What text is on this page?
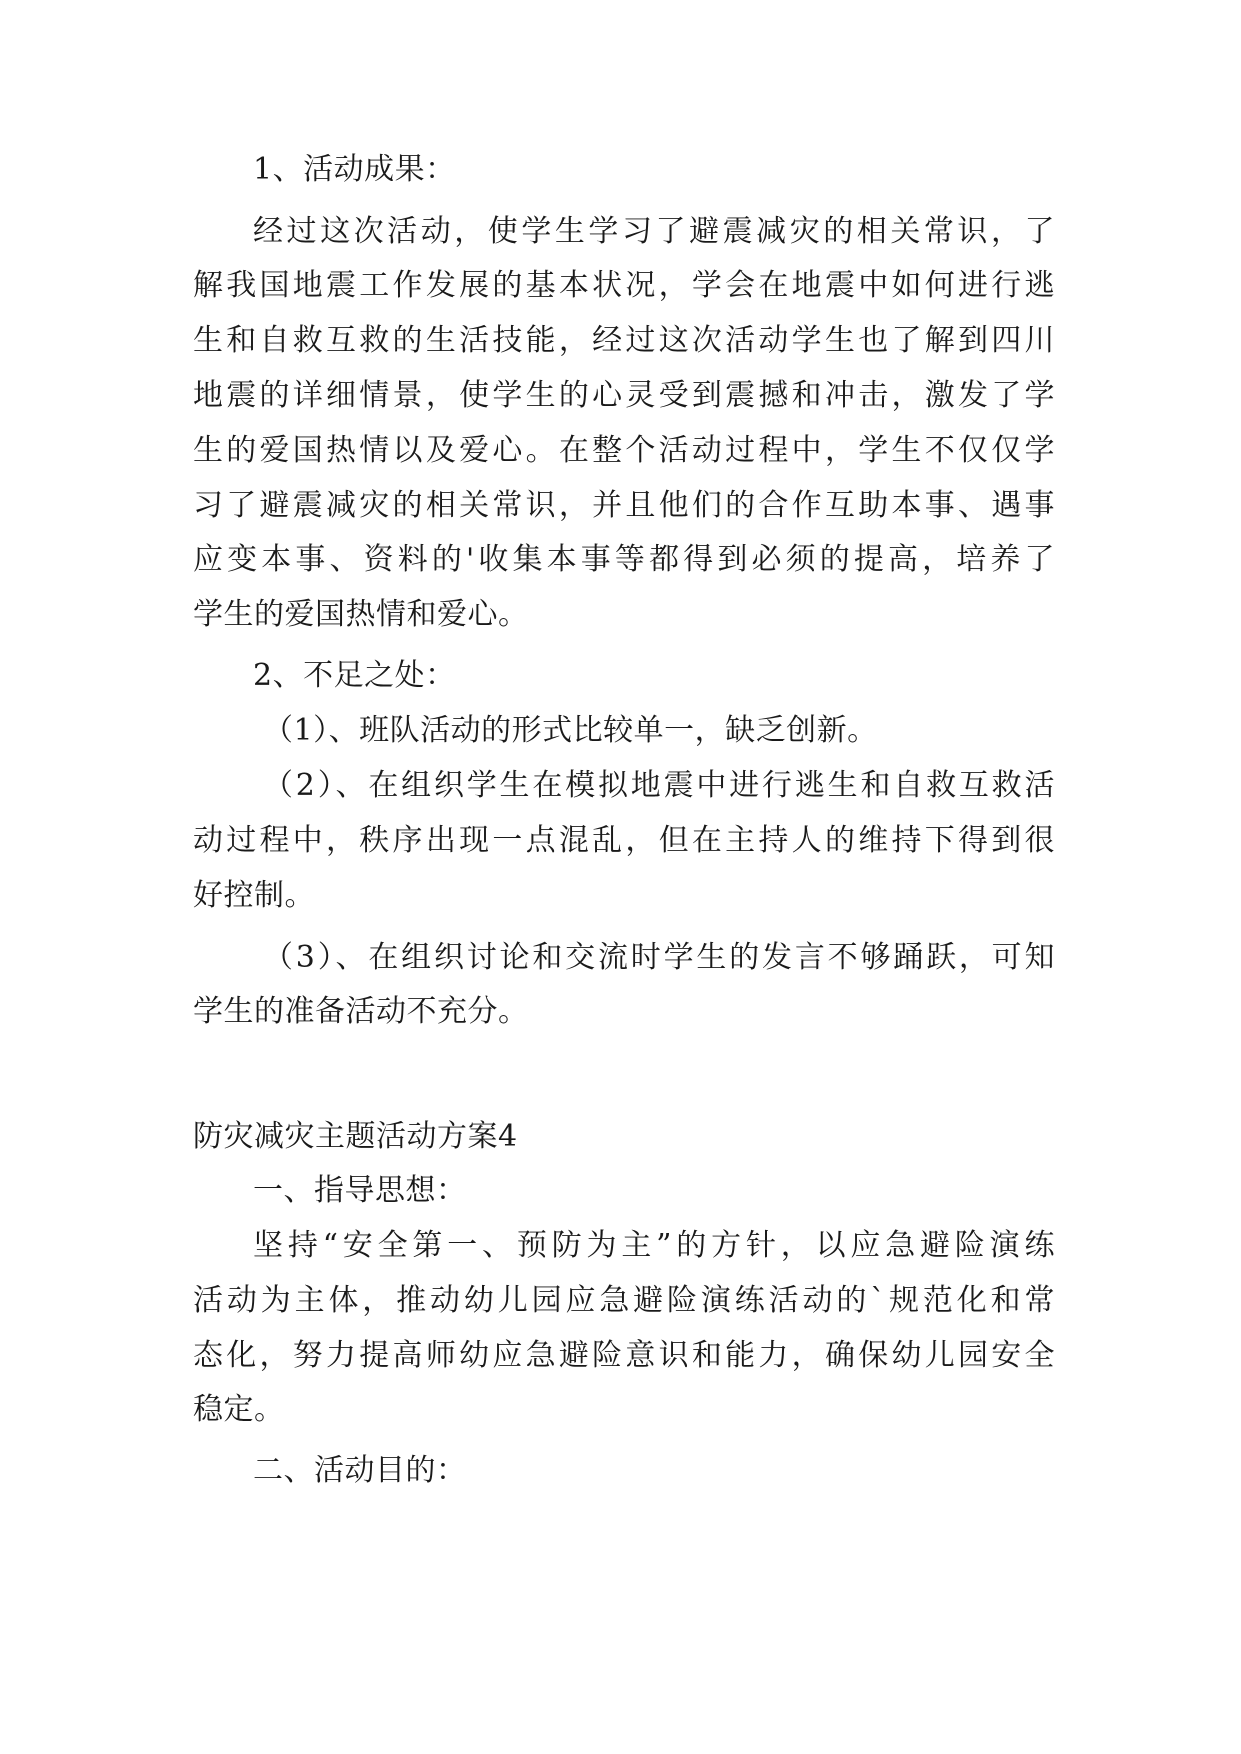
1、活动成果：
经过这次活动，使学生学习了避震减灾的相关常识，了
解我国地震工作发展的基本状况，学会在地震中如何进行逃
生和自救互救的生活技能，经过这次活动学生也了解到四川
地震的详细情景，使学生的心灵受到震撼和冲击，激发了学
生的爱国热情以及爱心。在整个活动过程中，学生不仅仅学
习了避震减灾的相关常识，并且他们的合作互助本事、遇事
应变本事、资料的'收集本事等都得到必须的提高，培养了
学生的爱国热情和爱心。
2、不足之处：
（1）、班队活动的形式比较单一，缺乏创新。
（2）、在组织学生在模拟地震中进行逃生和自救互救活
动过程中，秩序出现一点混乱，但在主持人的维持下得到很
好控制。
（3）、在组织讨论和交流时学生的发言不够踊跃，可知
学生的准备活动不充分。
防灾减灾主题活动方案4
一、指导思想：
坚持“安全第一、预防为主”的方针，以应急避险演练
活动为主体，推动幼儿园应急避险演练活动的`规范化和常
态化，努力提高师幼应急避险意识和能力，确保幼儿园安全
稳定。
二、活动目的：
